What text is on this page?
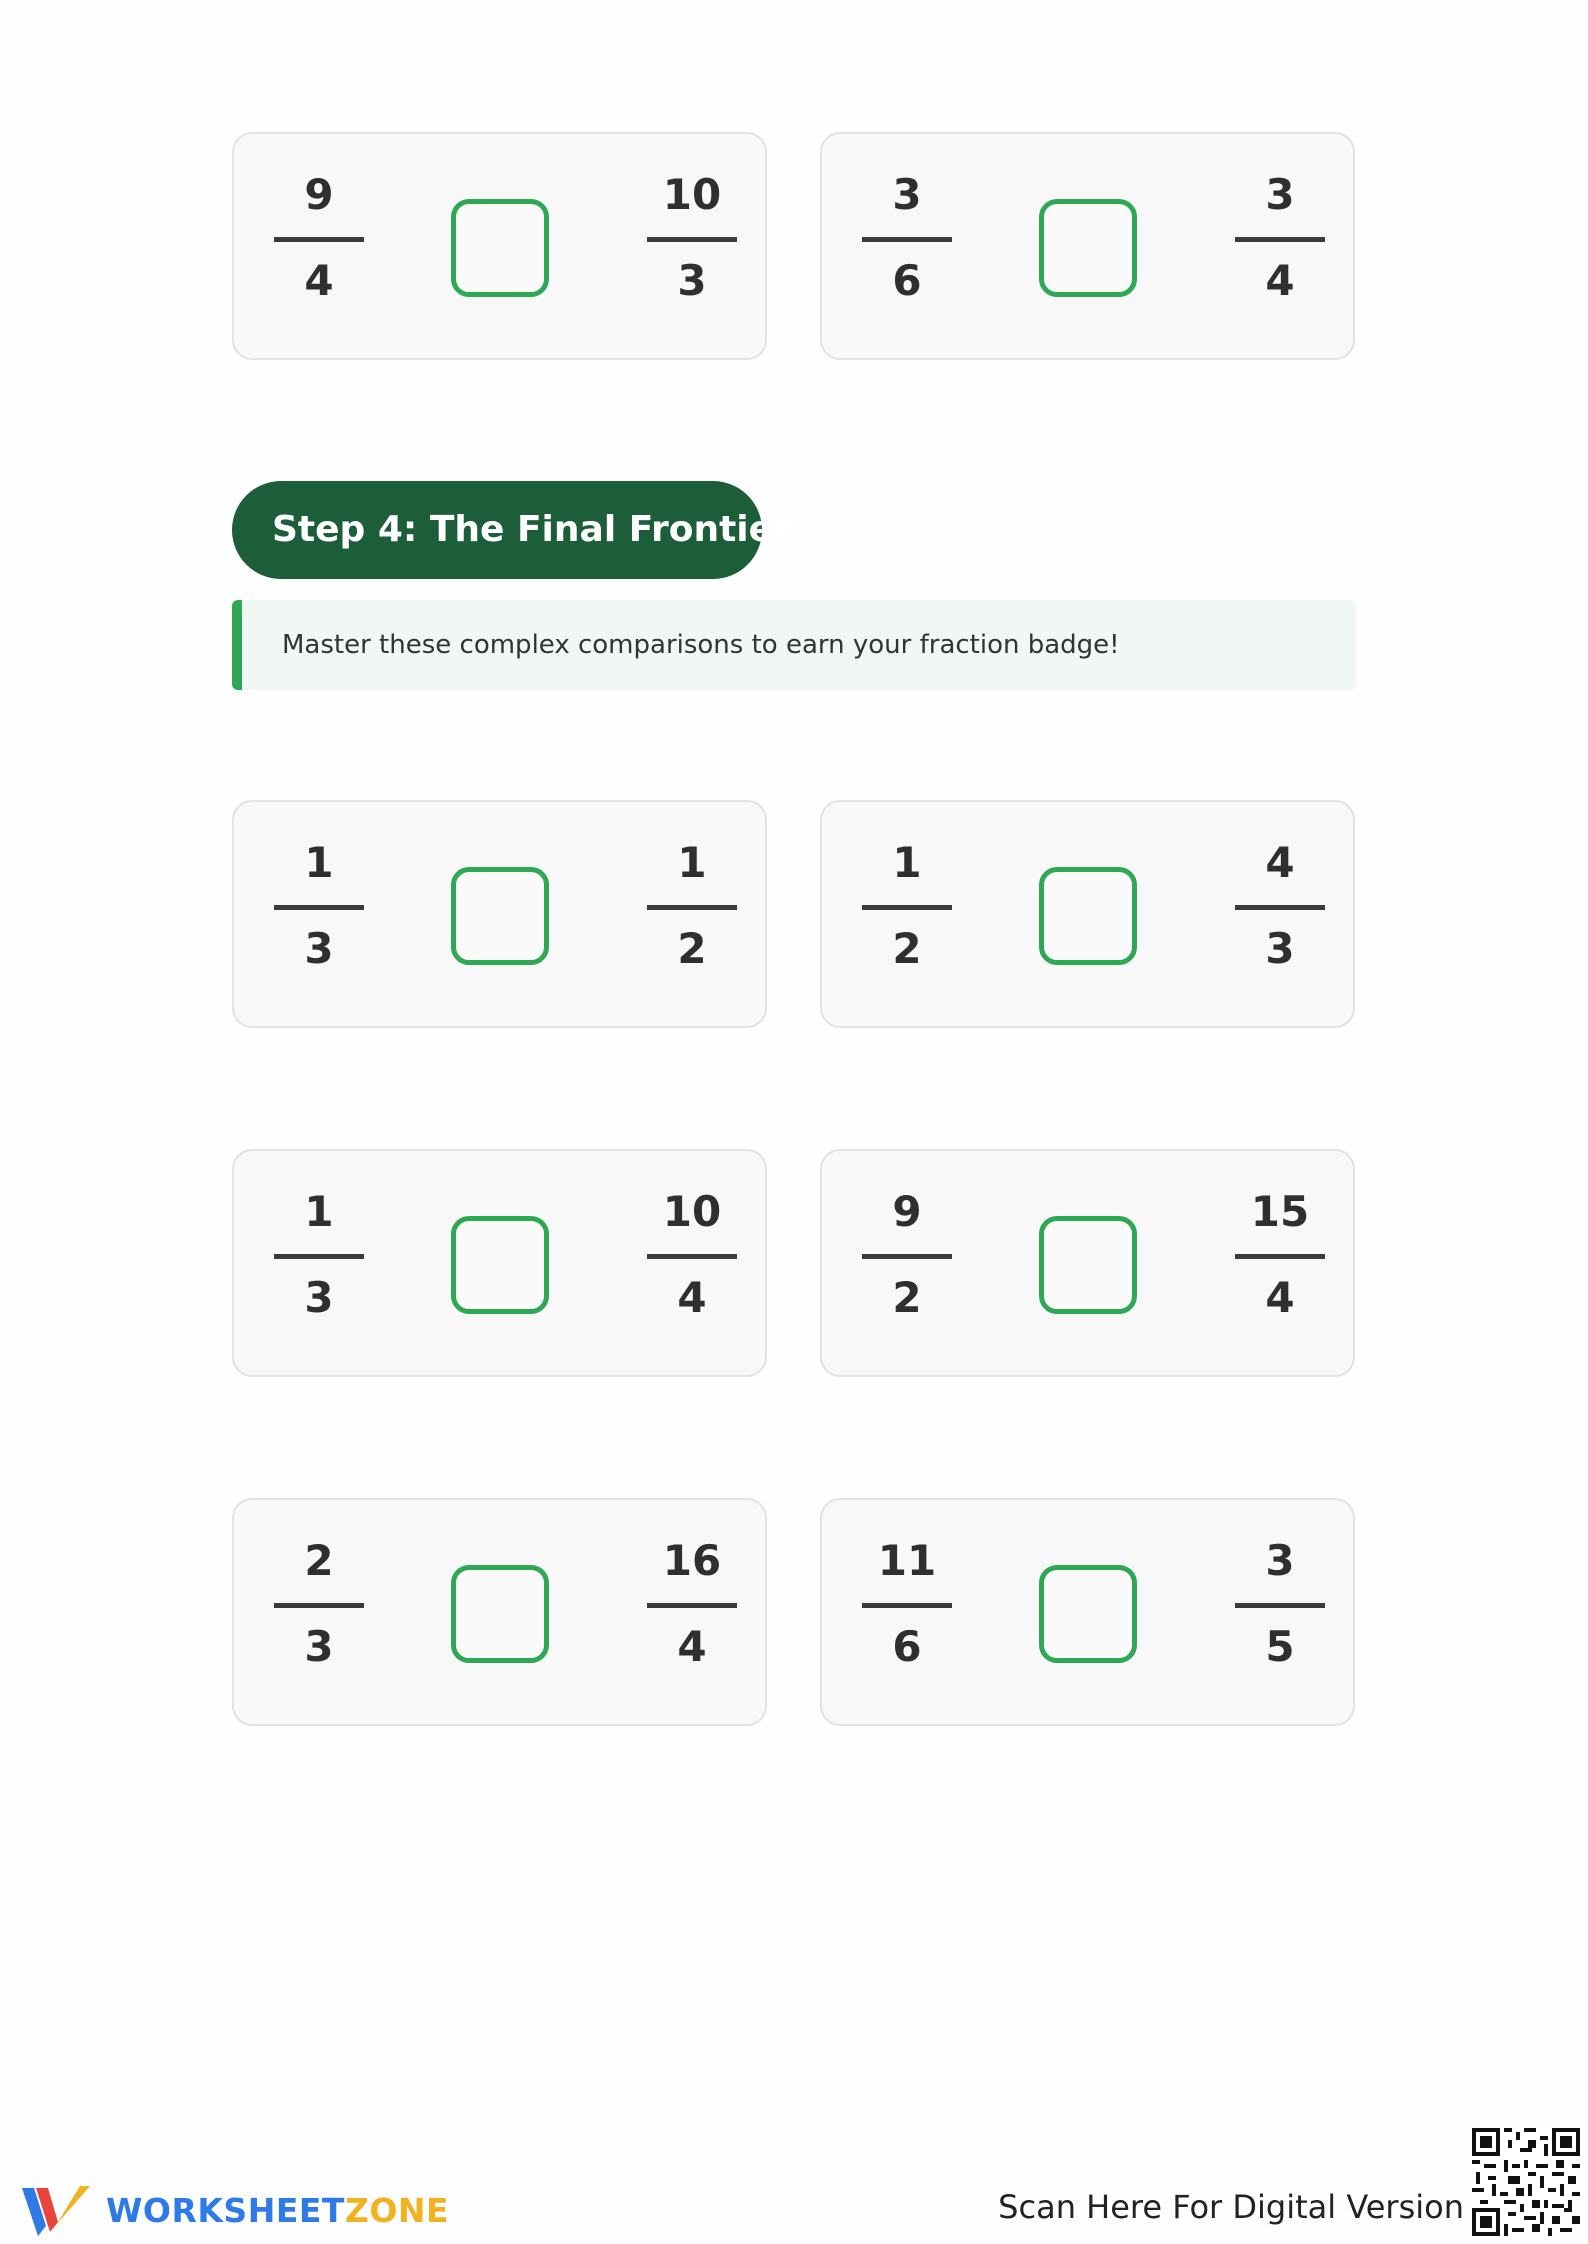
9
4
10
3
3
6
3
4
Step 4: The Final Frontier
Master these complex comparisons to earn your fraction badge!
1
3
1
2
1
2
4
3
1
3
10
4
9
2
15
4
2
3
16
4
11
6
3
5
WORKSHEETZONE	Scan Here For Digital Version
